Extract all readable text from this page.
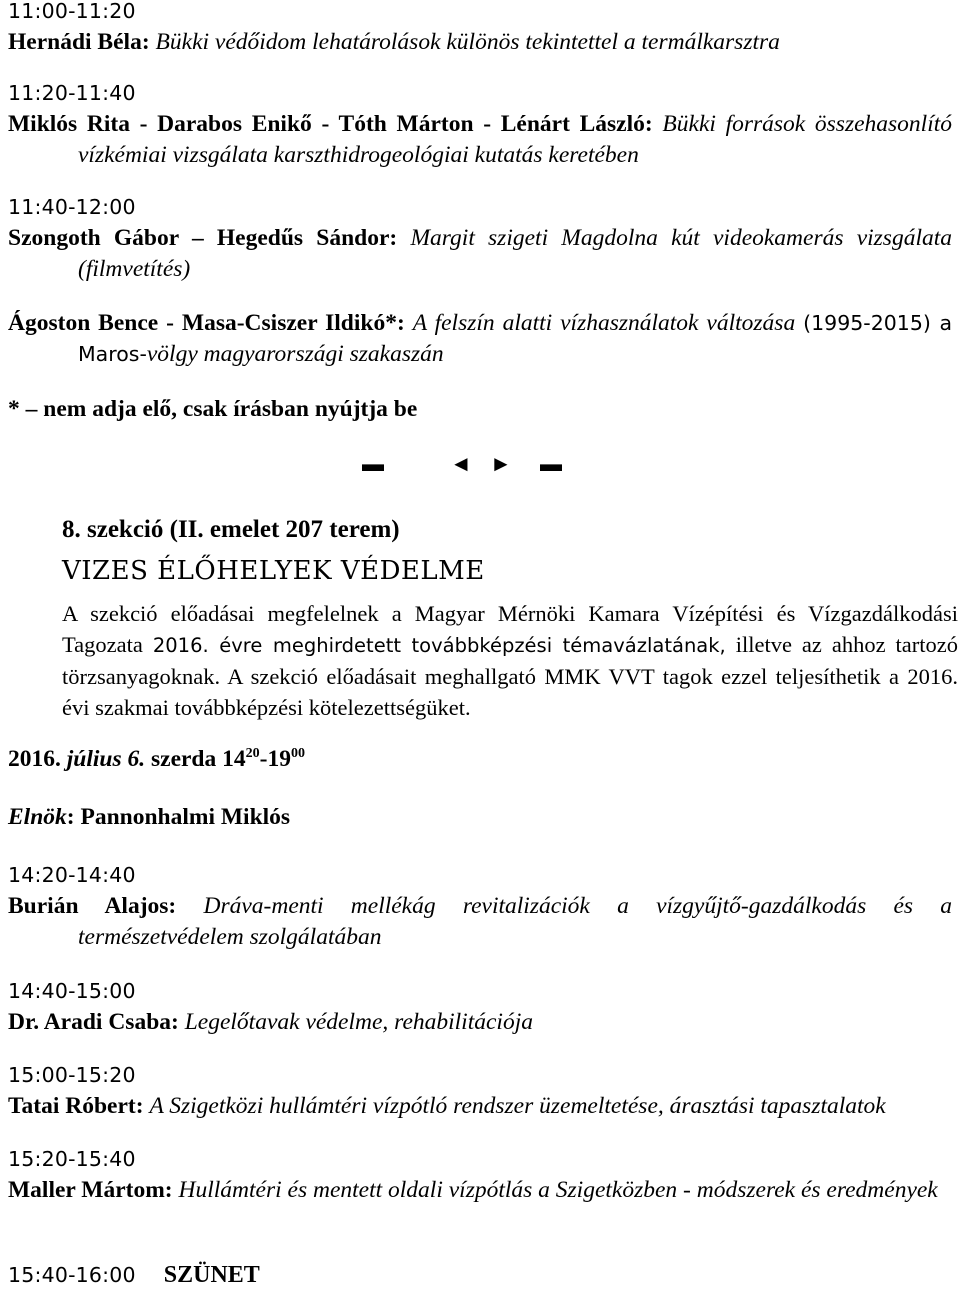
11:00-11:20
Hernádi Béla: Bükki védőidom lehatárolások különös tekintettel a termálkarsztra
11:20-11:40
Miklós Rita - Darabos Enikő - Tóth Márton - Lénárt László: Bükki források összehasonlító vízkémiai vizsgálata karszthidrogeológiai kutatás keretében
11:40-12:00
Szongoth Gábor – Hegedűs Sándor: Margit szigeti Magdolna kút videokamerás vizsgálata (filmvetítés)
Ágoston Bence - Masa-Csiszer Ildikó*: A felszín alatti vízhasználatok változása (1995-2015) a Maros-völgy magyarországi szakaszán
* – nem adja elő, csak írásban nyújtja be
▬	◄ ► ▬
8. szekció (II. emelet 207 terem)
VIZES ÉLŐHELYEK VÉDELME
A szekció előadásai megfelelnek a Magyar Mérnöki Kamara Vízépítési és Vízgazdálkodási Tagozata 2016. évre meghirdetett továbbképzési témavázlatának, illetve az ahhoz tartozó törzsanyagoknak. A szekció előadásait meghallgató MMK VVT tagok ezzel teljesíthetik a 2016. évi szakmai továbbképzési kötelezettségüket.
2016. július 6. szerda $14^{20}-19^{00}$
Elnök: Pannonhalmi Miklós
14:20-14:40
Burián Alajos: Dráva-menti mellékág revitalizációk a vízgyűjtő-gazdálkodás és a természetvédelem szolgálatában
14:40-15:00
Dr. Aradi Csaba: Legelőtavak védelme, rehabilitációja
15:00-15:20
Tatai Róbert: A Szigetközi hullámtéri vízpótló rendszer üzemeltetése, árasztási tapasztalatok
15:20-15:40
Maller Mártom: Hullámtéri és mentett oldali vízpótlás a Szigetközben - módszerek és eredmények
15:40-16:00 SZÜNET
